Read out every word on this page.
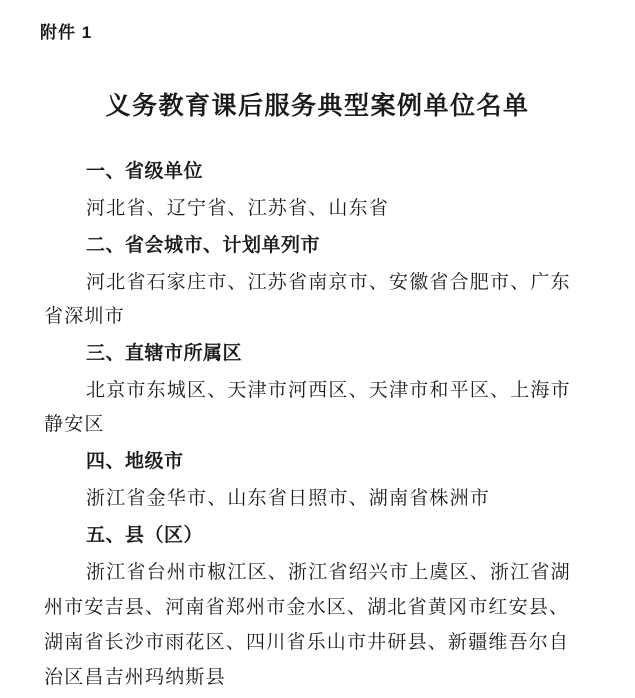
附件 1
义务教育课后服务典型案例单位名单
一、省级单位
河北省、辽宁省、江苏省、山东省
二、省会城市、计划单列市
河北省石家庄市、江苏省南京市、安徽省合肥市、广东
省深圳市
三、直辖市所属区
北京市东城区、天津市河西区、天津市和平区、上海市
静安区
四、地级市
浙江省金华市、山东省日照市、湖南省株洲市
五、县（区）
浙江省台州市椒江区、浙江省绍兴市上虞区、浙江省湖
州市安吉县、河南省郑州市金水区、湖北省黄冈市红安县、
湖南省长沙市雨花区、四川省乐山市井研县、新疆维吾尔自
治区昌吉州玛纳斯县
